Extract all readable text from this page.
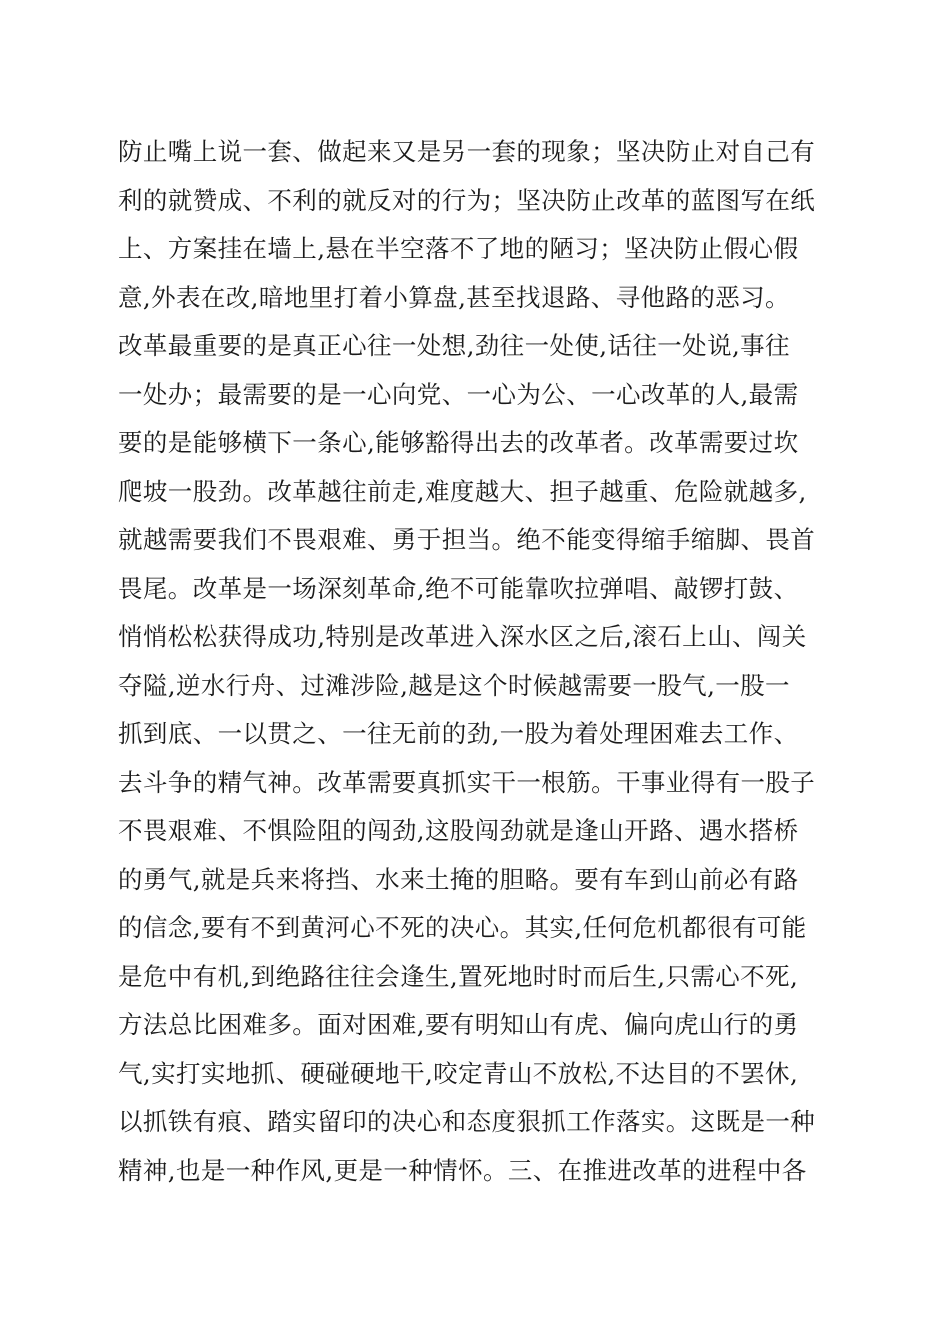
防止嘴上说一套、做起来又是另一套的现象；坚决防止对自己有
利的就赞成、不利的就反对的行为；坚决防止改革的蓝图写在纸
上、方案挂在墙上,悬在半空落不了地的陋习；坚决防止假心假
意,外表在改,暗地里打着小算盘,甚至找退路、寻他路的恶习。
改革最重要的是真正心往一处想,劲往一处使,话往一处说,事往
一处办；最需要的是一心向党、一心为公、一心改革的人,最需
要的是能够横下一条心,能够豁得出去的改革者。改革需要过坎
爬坡一股劲。改革越往前走,难度越大、担子越重、危险就越多,
就越需要我们不畏艰难、勇于担当。绝不能变得缩手缩脚、畏首
畏尾。改革是一场深刻革命,绝不可能靠吹拉弹唱、敲锣打鼓、
悄悄松松获得成功,特别是改革进入深水区之后,滚石上山、闯关
夺隘,逆水行舟、过滩涉险,越是这个时候越需要一股气,一股一
抓到底、一以贯之、一往无前的劲,一股为着处理困难去工作、
去斗争的精气神。改革需要真抓实干一根筋。干事业得有一股子
不畏艰难、不惧险阻的闯劲,这股闯劲就是逢山开路、遇水搭桥
的勇气,就是兵来将挡、水来土掩的胆略。要有车到山前必有路
的信念,要有不到黄河心不死的决心。其实,任何危机都很有可能
是危中有机,到绝路往往会逢生,置死地时时而后生,只需心不死,
方法总比困难多。面对困难,要有明知山有虎、偏向虎山行的勇
气,实打实地抓、硬碰硬地干,咬定青山不放松,不达目的不罢休,
以抓铁有痕、踏实留印的决心和态度狠抓工作落实。这既是一种
精神,也是一种作风,更是一种情怀。三、在推进改革的进程中各
